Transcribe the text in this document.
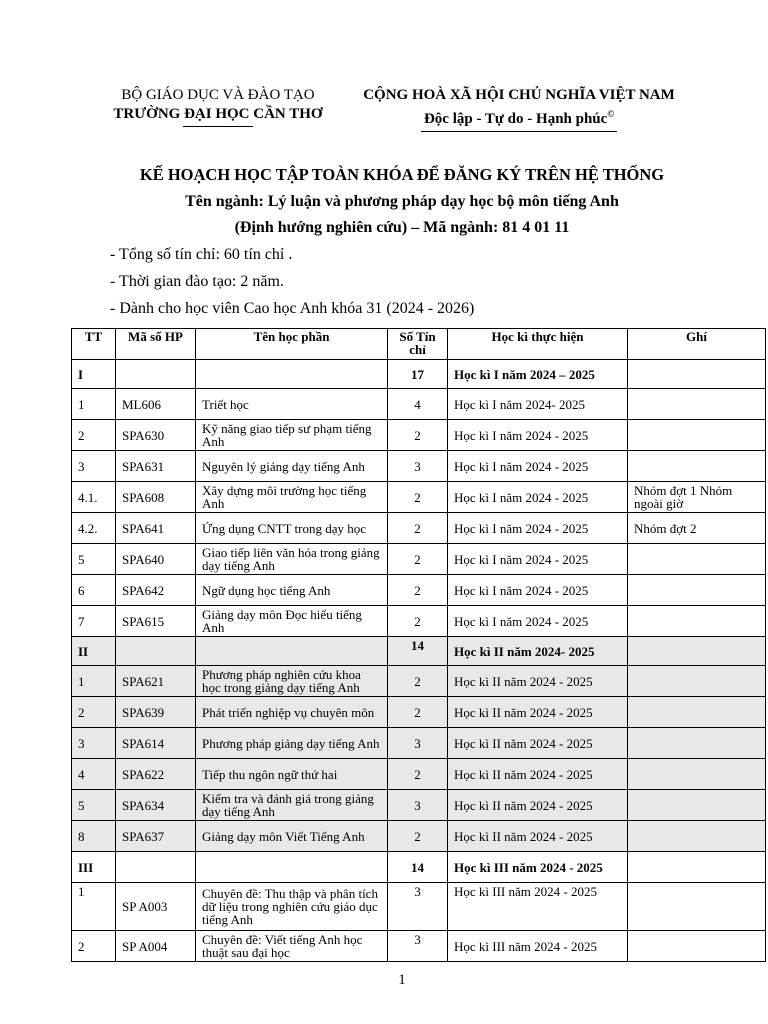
BỘ GIÁO DỤC VÀ ĐÀO TẠO
TRƯỜNG ĐẠI HỌC CẦN THƠ
CỘNG HOÀ XÃ HỘI CHỦ NGHĨA VIỆT NAM
Độc lập - Tự do - Hạnh phúc©
KẾ HOẠCH HỌC TẬP TOÀN KHÓA ĐỂ ĐĂNG KÝ TRÊN HỆ THỐNG
Tên ngành: Lý luận và phương pháp dạy học bộ môn tiếng Anh
(Định hướng nghiên cứu) – Mã ngành: 81 4 01 11
- Tổng số tín chỉ: 60 tín chỉ .
- Thời gian đào tạo: 2 năm.
- Dành cho học viên Cao học Anh khóa 31 (2024 - 2026)
TT	Mã số HP	Tên học phần	Số Tín chỉ	Học kì thực hiện	Ghí
I			17	Học kì I năm 2024 – 2025	
1	ML606	Triết học	4	Học kì I năm 2024- 2025	
2	SPA630	Kỹ năng giao tiếp sư phạm tiếng Anh	2	Học kì I năm 2024 - 2025	
3	SPA631	Nguyên lý giảng dạy tiếng Anh	3	Học kì I năm 2024 - 2025	
4.1.	SPA608	Xây dựng môi trường học tiếng Anh	2	Học kì I năm 2024 - 2025	Nhóm đợt 1 Nhóm ngoài giờ
4.2.	SPA641	Ứng dụng CNTT trong dạy học	2	Học kì I năm 2024 - 2025	Nhóm đợt 2
5	SPA640	Giao tiếp liên văn hóa trong giảng dạy tiếng Anh	2	Học kì I năm 2024 - 2025	
6	SPA642	Ngữ dụng học tiếng Anh	2	Học kì I năm 2024 - 2025	
7	SPA615	Giảng dạy môn Đọc hiểu tiếng Anh	2	Học kì I năm 2024 - 2025	
II			14	Học kì II năm 2024- 2025	
1	SPA621	Phương pháp nghiên cứu khoa học trong giảng dạy tiếng Anh	2	Học kì II năm 2024 - 2025	
2	SPA639	Phát triển nghiệp vụ chuyên môn	2	Học kì II năm 2024 - 2025	
3	SPA614	Phương pháp giảng dạy tiếng Anh	3	Học kì II năm 2024 - 2025	
4	SPA622	Tiếp thu ngôn ngữ thứ hai	2	Học kì II năm 2024 - 2025	
5	SPA634	Kiểm tra và đánh giá trong giảng dạy tiếng Anh	3	Học kì II năm 2024 - 2025	
8	SPA637	Giảng dạy môn Viết Tiếng Anh	2	Học kì II năm 2024 - 2025	
III			14	Học kì III năm 2024 - 2025	
1	SP A003	Chuyên đề: Thu thập và phân tích dữ liệu trong nghiên cứu giáo dục tiếng Anh	3	Học kì III năm 2024 - 2025	
2	SP A004	Chuyên đề: Viết tiếng Anh học thuật sau đại học	3	Học kì III năm 2024 - 2025	
1
